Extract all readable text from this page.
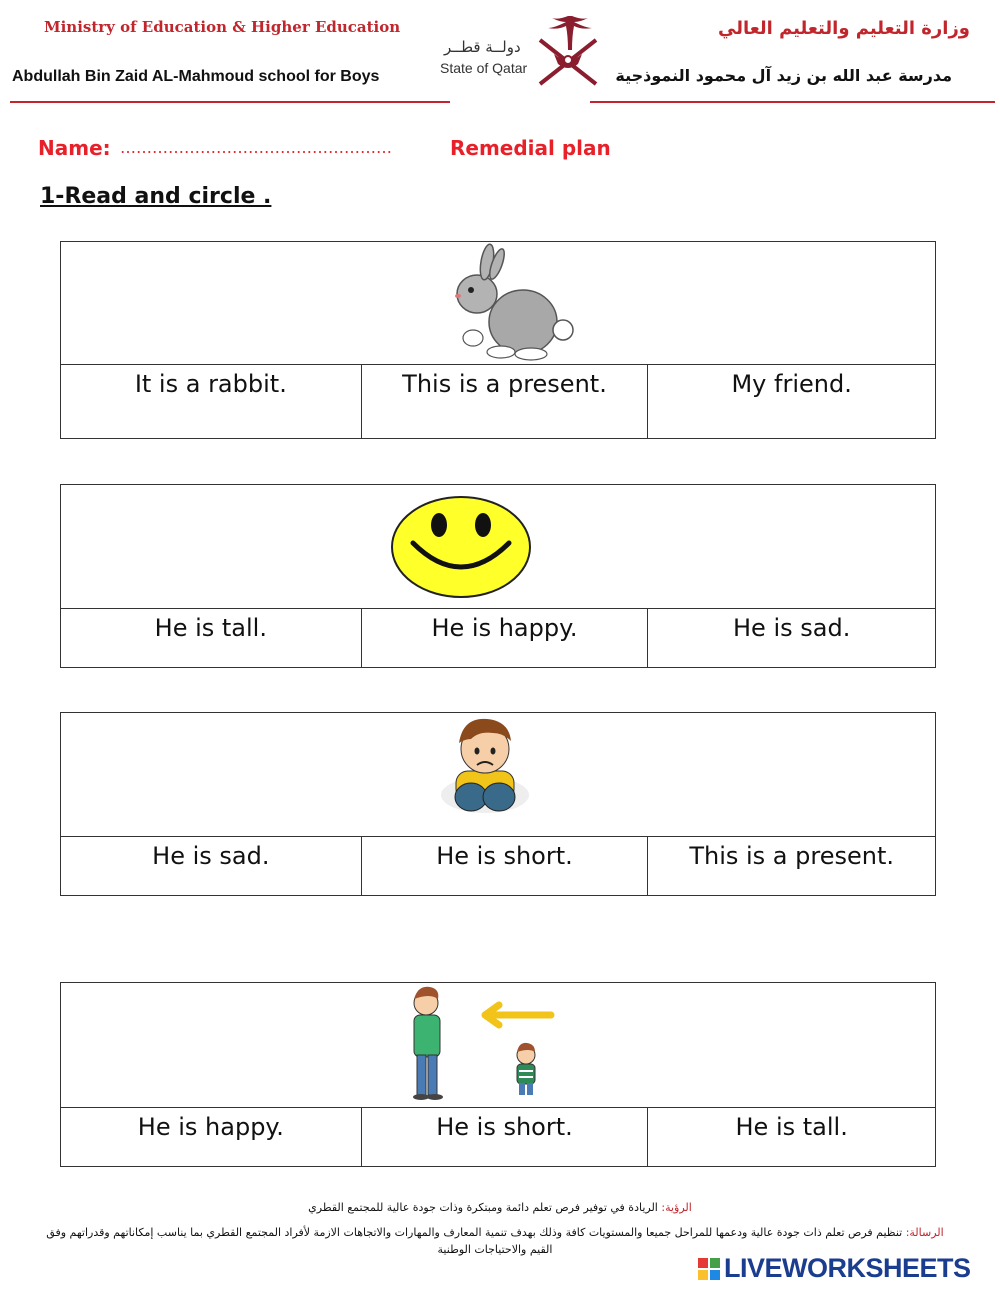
Ministry of Education & Higher Education
Abdullah Bin Zaid AL-Mahmoud school for Boys
وزارة التعليم والتعليم العالي
مدرسة عبد الله بن زيد آل محمود النموذجية
دولــة قطــر
State of Qatar
Name: ……………………………………………	Remedial plan
1-Read and circle .
It is a rabbit.	This is a present.	My friend.
He is tall.	He is happy.	He is sad.
He is sad.	He is short.	This is a present.
He is happy.	He is short.	He is tall.
الرؤية: الريادة في توفير فرص تعلم دائمة ومبتكرة وذات جودة عالية للمجتمع القطري
الرسالة: تنظيم فرص تعلم ذات جودة عالية ودعمها للمراحل جميعا والمستويات كافة وذلك بهدف تنمية المعارف والمهارات والاتجاهات الازمة لأفراد المجتمع القطري بما يناسب إمكاناتهم وقدراتهم وفق القيم والاحتياجات الوطنية
LIVEWORKSHEETS
